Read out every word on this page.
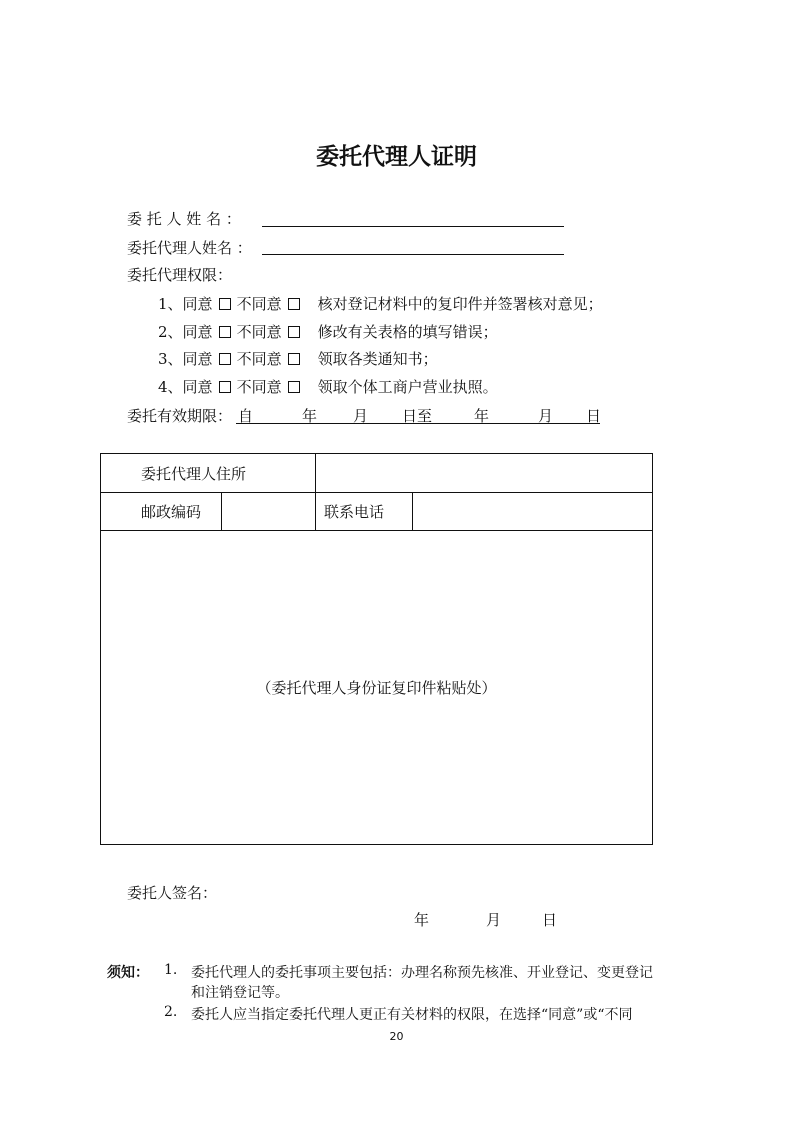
委托代理人证明
委 托 人 姓 名 ：
委托代理人姓名 ：
委托代理权限：
1、同意 不同意 核对登记材料中的复印件并签署核对意见；
2、同意 不同意 修改有关表格的填写错误；
3、同意 不同意 领取各类通知书；
4、同意 不同意 领取个体工商户营业执照。
委托有效期限： 自	年 月 日至	年	月 日
委托代理人住所			
邮政编码		联系电话	
（委托代理人身份证复印件粘贴处）			
委托人签名：
年	月	日
须知： 1. 委托代理人的委托事项主要包括：办理名称预先核准、开业登记、变更登记
和注销登记等。
2. 委托人应当指定委托代理人更正有关材料的权限，在选择“同意”或“不同
20
